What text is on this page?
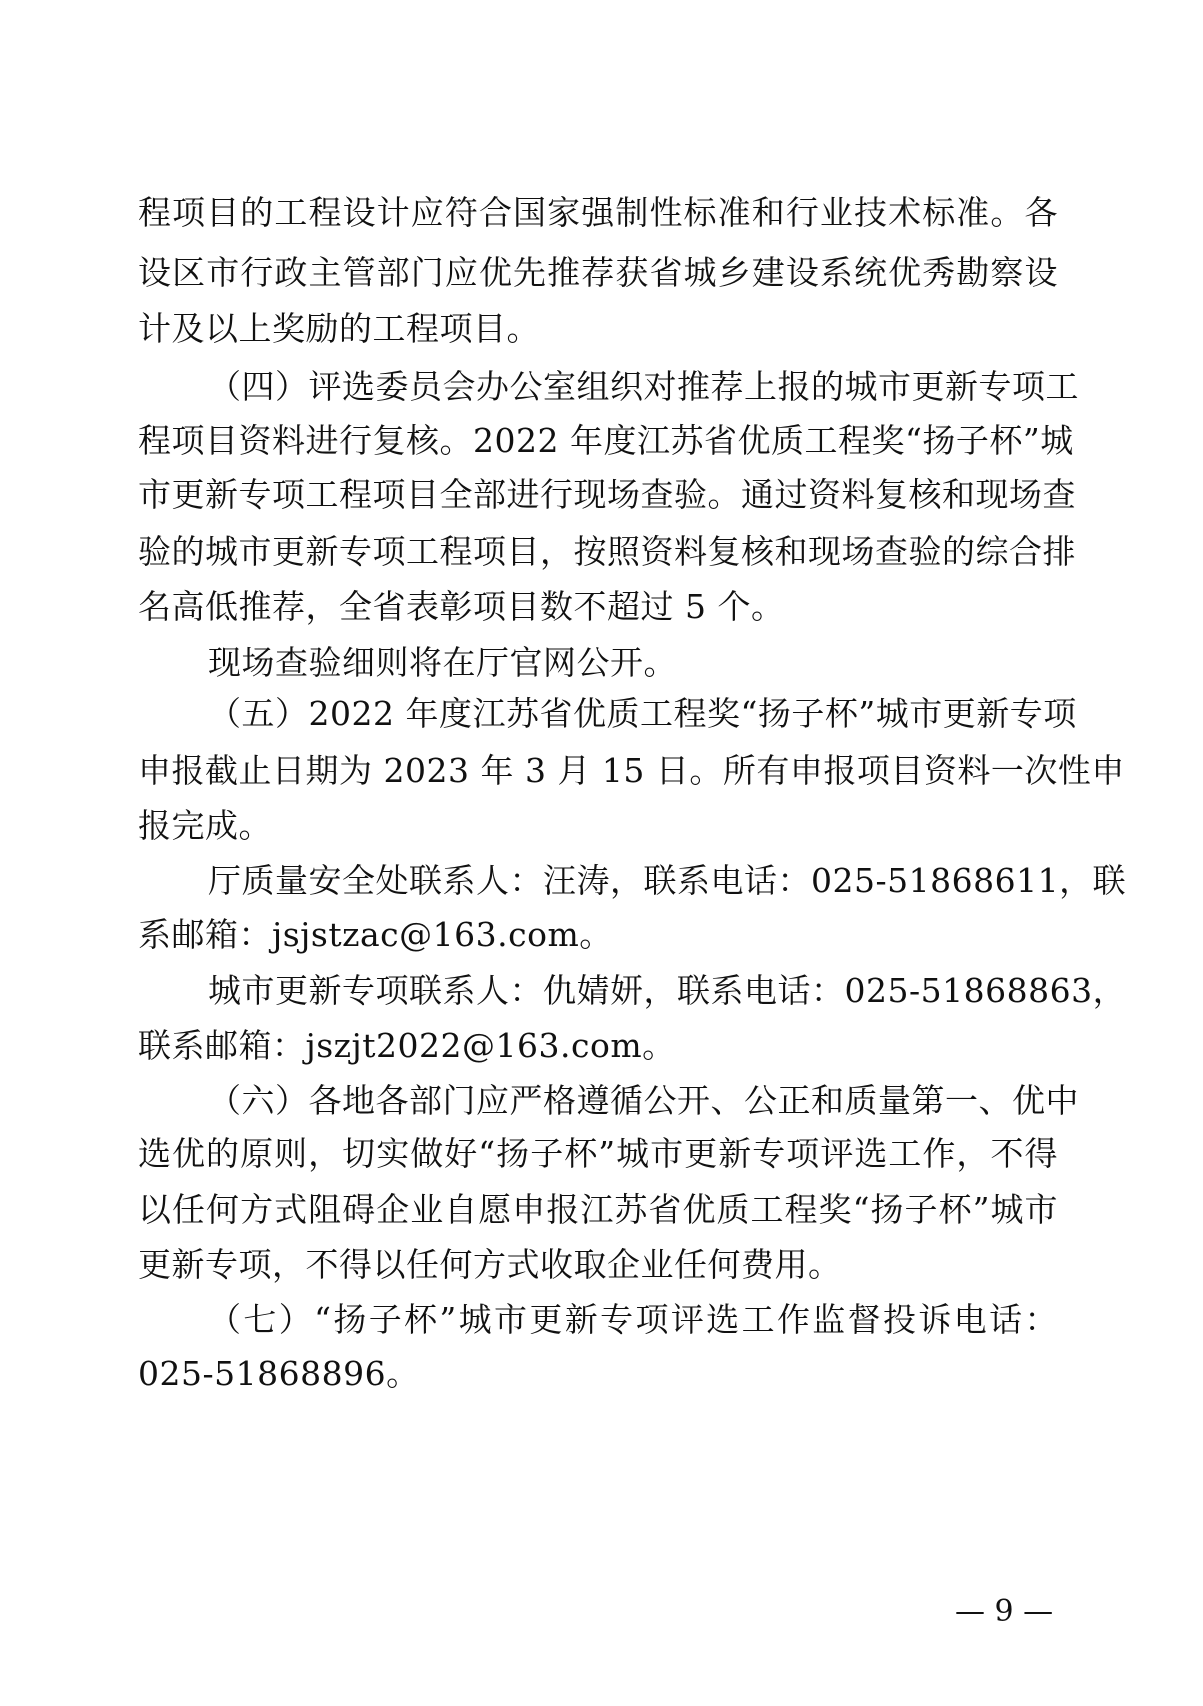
程项目的工程设计应符合国家强制性标准和行业技术标准。各
设区市行政主管部门应优先推荐获省城乡建设系统优秀勘察设
计及以上奖励的工程项目。
（四）评选委员会办公室组织对推荐上报的城市更新专项工
程项目资料进行复核。2022 年度江苏省优质工程奖“扬子杯”城
市更新专项工程项目全部进行现场查验。通过资料复核和现场查
验的城市更新专项工程项目，按照资料复核和现场查验的综合排
名高低推荐，全省表彰项目数不超过 5 个。
现场查验细则将在厅官网公开。
（五）2022 年度江苏省优质工程奖“扬子杯”城市更新专项
申报截止日期为 2023 年 3 月 15 日。所有申报项目资料一次性申
报完成。
厅质量安全处联系人：汪涛，联系电话：025-51868611，联
系邮箱：jsjstzac@163.com。
城市更新专项联系人：仇婧妍，联系电话：025-51868863，
联系邮箱：jszjt2022@163.com。
（六）各地各部门应严格遵循公开、公正和质量第一、优中
选优的原则，切实做好“扬子杯”城市更新专项评选工作，不得
以任何方式阻碍企业自愿申报江苏省优质工程奖“扬子杯”城市
更新专项，不得以任何方式收取企业任何费用。
（七）“扬子杯”城市更新专项评选工作监督投诉电话：
025-51868896。
— 9 —
